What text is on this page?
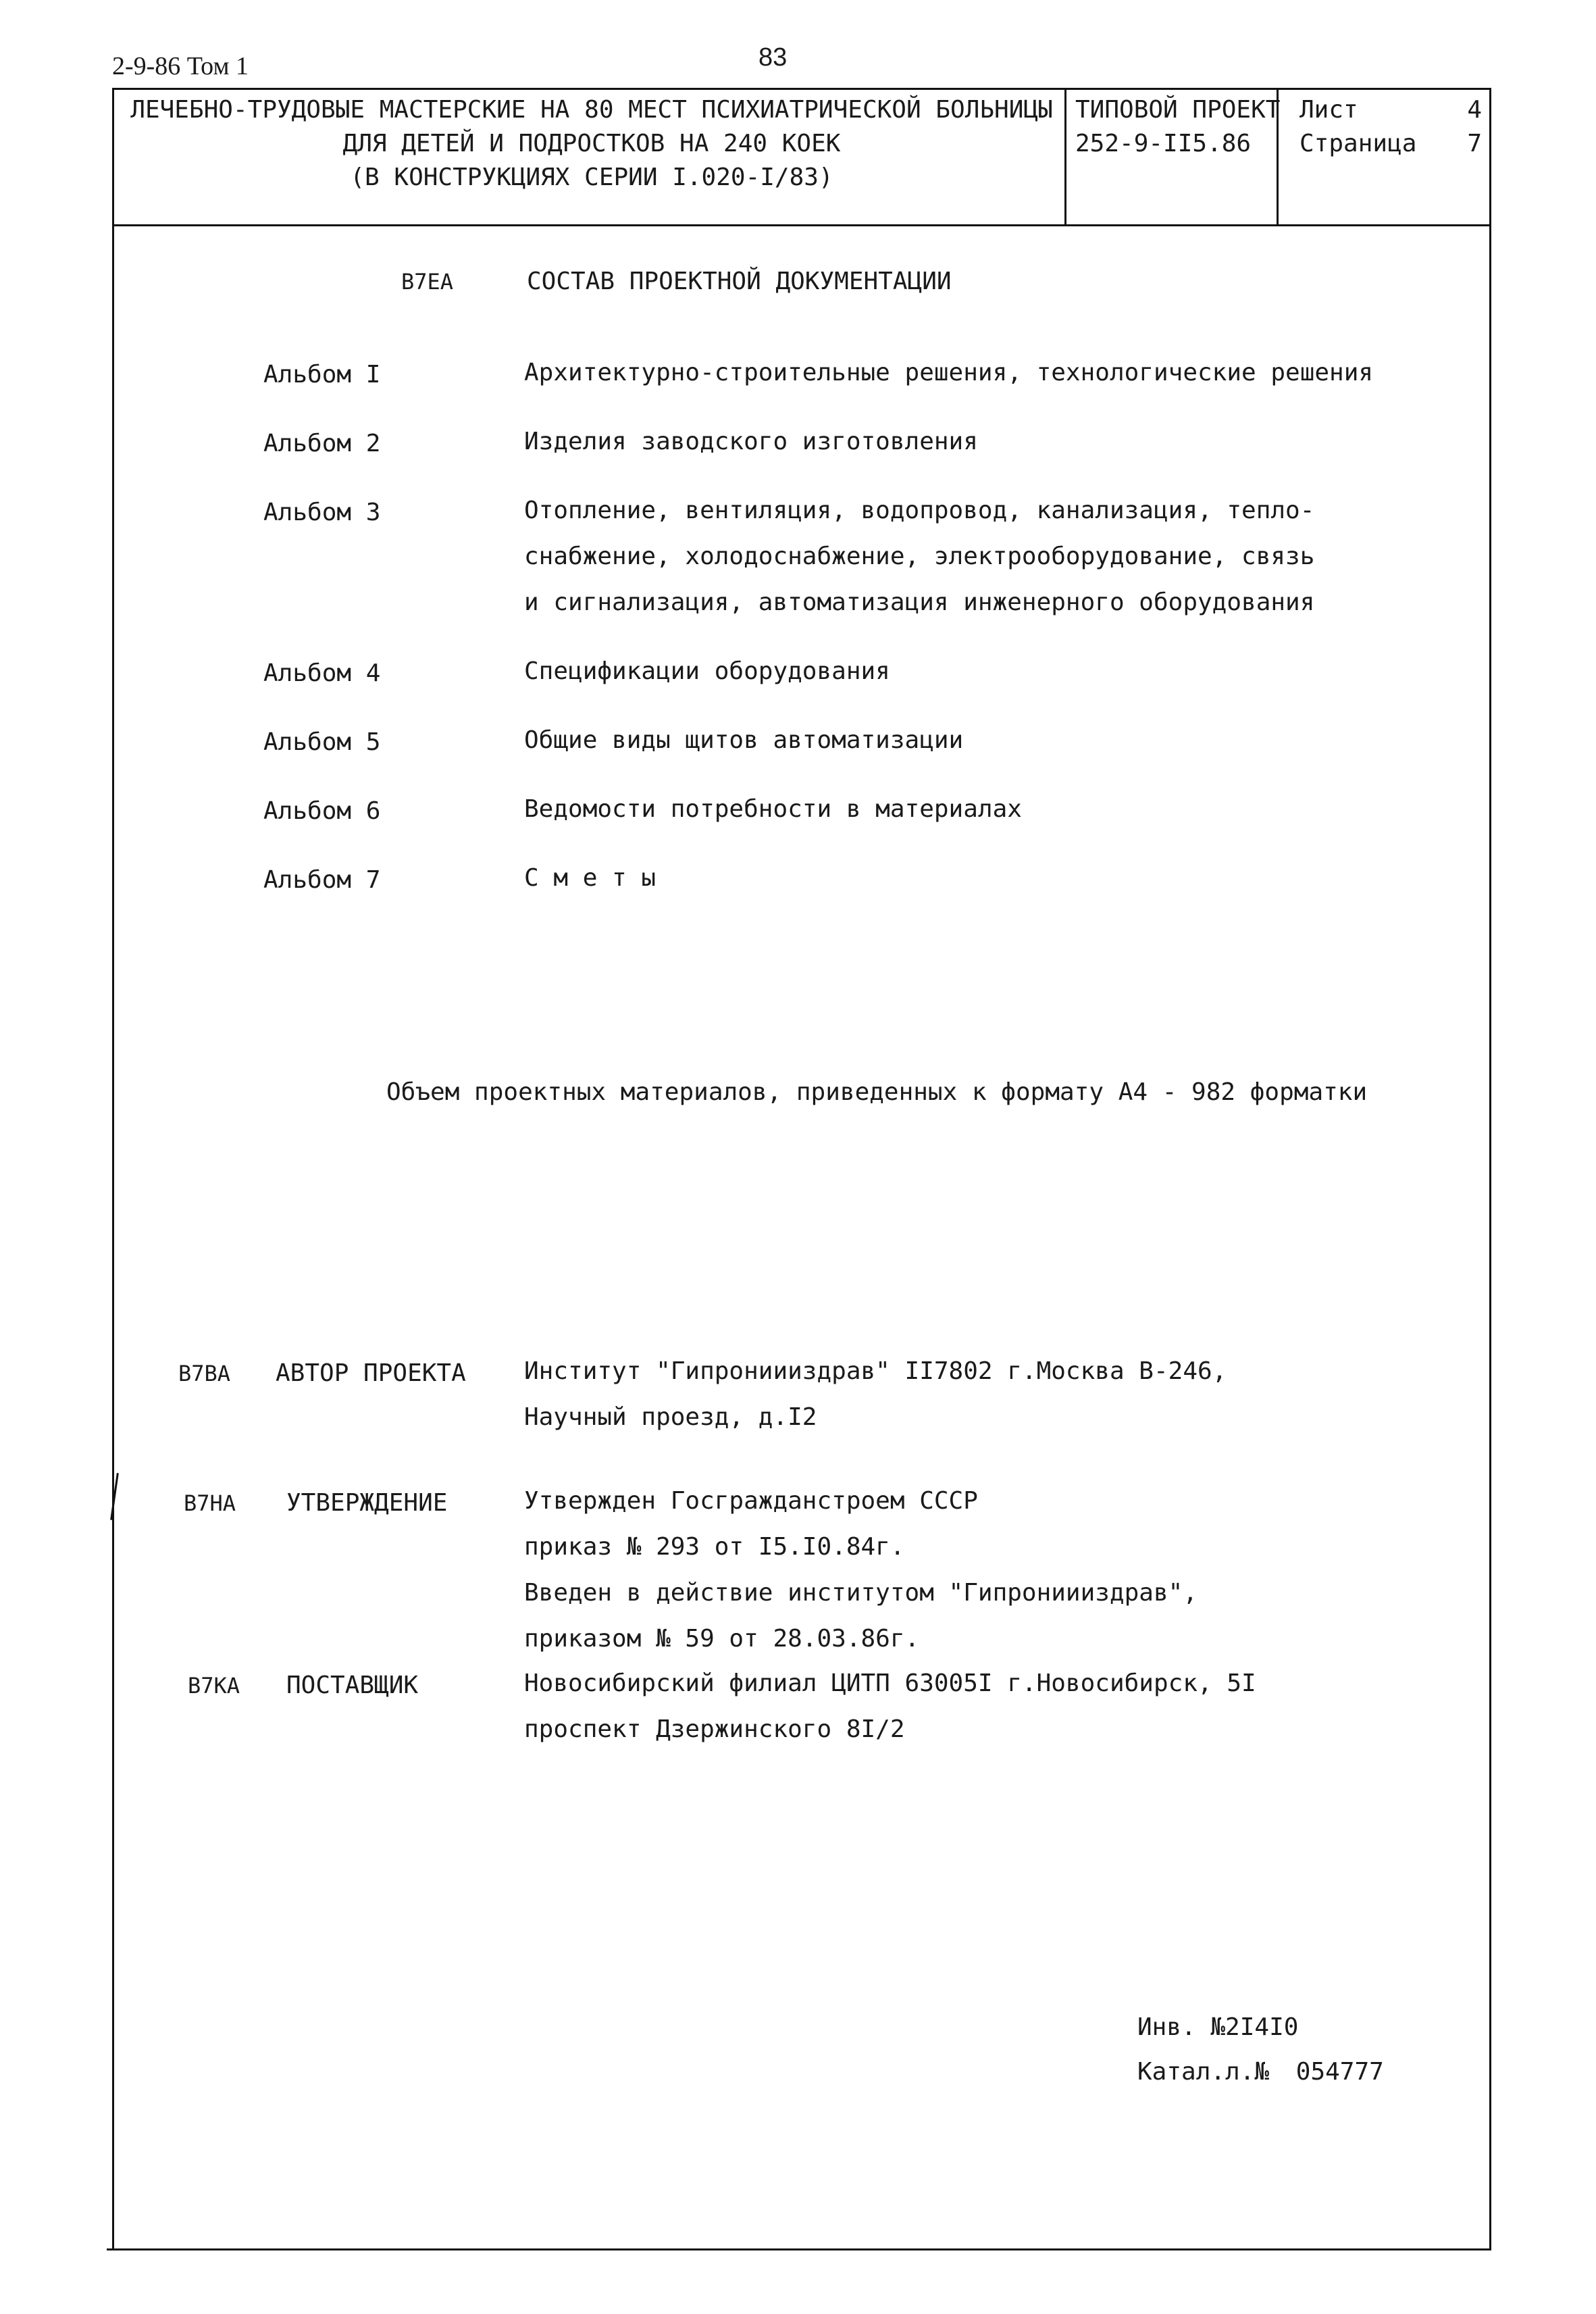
2-9-86 Том 1	83
ЛЕЧЕБНО-ТРУДОВЫЕ МАСТЕРСКИЕ НА 80 МЕСТ ПСИХИАТРИЧЕСКОЙ БОЛЬНИЦЫ
ДЛЯ ДЕТЕЙ И ПОДРОСТКОВ НА 240 КОЕК
(В КОНСТРУКЦИЯХ СЕРИИ I.020-I/83)
ТИПОВОЙ ПРОЕКТ
252-9-II5.86
Лист	4
Страница 7
В7ЕА	СОСТАВ ПРОЕКТНОЙ ДОКУМЕНТАЦИИ
Альбом I	Архитектурно-строительные решения, технологические решения
Альбом 2	Изделия заводского изготовления
Альбом 3	Отопление, вентиляция, водопровод, канализация, тепло-
снабжение, холодоснабжение, электрооборудование, связь
и сигнализация, автоматизация инженерного оборудования
Альбом 4	Спецификации оборудования
Альбом 5	Общие виды щитов автоматизации
Альбом 6	Ведомости потребности в материалах
Альбом 7	С м е т ы
Объем проектных материалов, приведенных к формату А4 - 982 форматки
В7ВА АВТОР ПРОЕКТА Институт "Гипрониииздрав" II7802 г.Москва В-246,
Научный проезд, д.I2
В7НА УТВЕРЖДЕНИЕ	Утвержден Госгражданстроем СССР
приказ № 293 от I5.I0.84г.
Введен в действие институтом "Гипрониииздрав",
приказом № 59 от 28.03.86г.
В7КА ПОСТАВЩИК	Новосибирский филиал ЦИТП 63005I г.Новосибирск, 5I
проспект Дзержинского 8I/2
Инв. №2I4I0
Катал.л.№ 054777
